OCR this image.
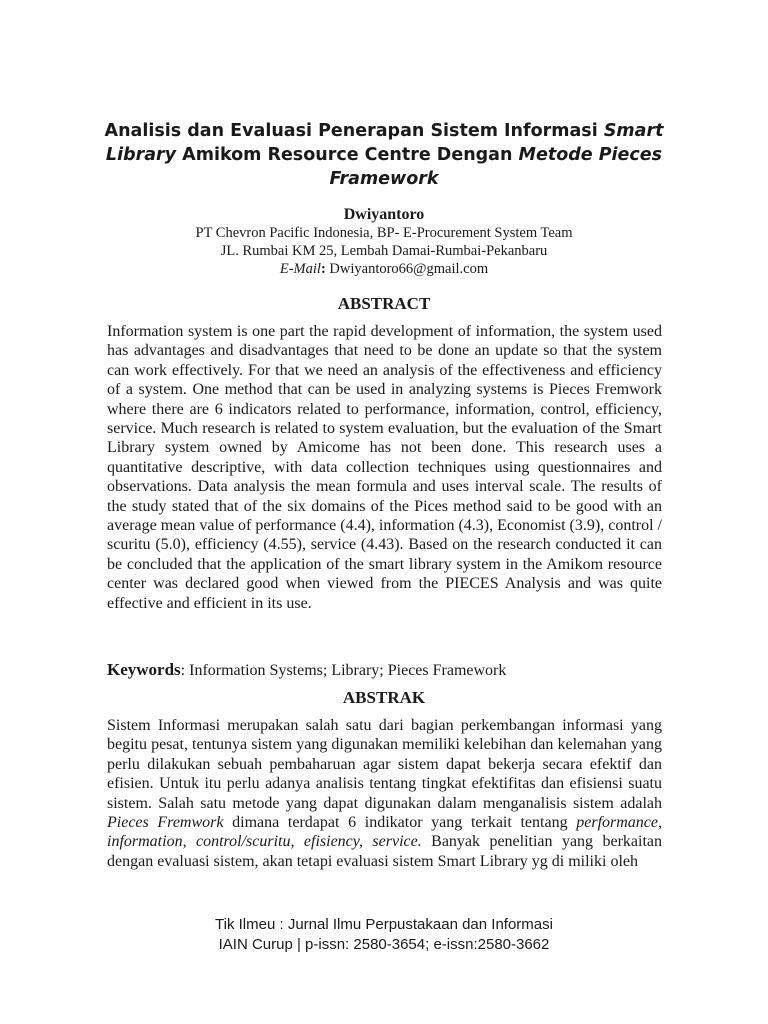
Analisis dan Evaluasi Penerapan Sistem Informasi Smart Library Amikom Resource Centre Dengan Metode Pieces Framework
Dwiyantoro
PT Chevron Pacific Indonesia, BP- E-Procurement System Team
JL. Rumbai KM 25, Lembah Damai-Rumbai-Pekanbaru
E-Mail: Dwiyantoro66@gmail.com
ABSTRACT

Information system is one part the rapid development of information, the system used has advantages and disadvantages that need to be done an update so that the system can work effectively. For that we need an analysis of the effectiveness and efficiency of a system. One method that can be used in analyzing systems is Pieces Fremwork where there are 6 indicators related to performance, information, control, efficiency, service. Much research is related to system evaluation, but the evaluation of the Smart Library system owned by Amicome has not been done. This research uses a quantitative descriptive, with data collection techniques using questionnaires and observations. Data analysis the mean formula and uses interval scale. The results of the study stated that of the six domains of the Pices method said to be good with an average mean value of performance (4.4), information (4.3), Economist (3.9), control / scuritu (5.0), efficiency (4.55), service (4.43). Based on the research conducted it can be concluded that the application of the smart library system in the Amikom resource center was declared good when viewed from the PIECES Analysis and was quite effective and efficient in its use.

Keywords: Information Systems; Library; Pieces Framework

ABSTRAK

Sistem Informasi merupakan salah satu dari bagian perkembangan informasi yang begitu pesat, tentunya sistem yang digunakan memiliki kelebihan dan kelemahan yang perlu dilakukan sebuah pembaharuan agar sistem dapat bekerja secara efektif dan efisien. Untuk itu perlu adanya analisis tentang tingkat efektifitas dan efisiensi suatu sistem. Salah satu metode yang dapat digunakan dalam menganalisis sistem adalah Pieces Fremwork dimana terdapat 6 indikator yang terkait tentang performance, information, control/scuritu, efisiency, service. Banyak penelitian yang berkaitan dengan evaluasi sistem, akan tetapi evaluasi sistem Smart Library yg di miliki oleh

Tik Ilmeu : Jurnal Ilmu Perpustakaan dan Informasi
IAIN Curup | p-issn: 2580-3654; e-issn:2580-3662
